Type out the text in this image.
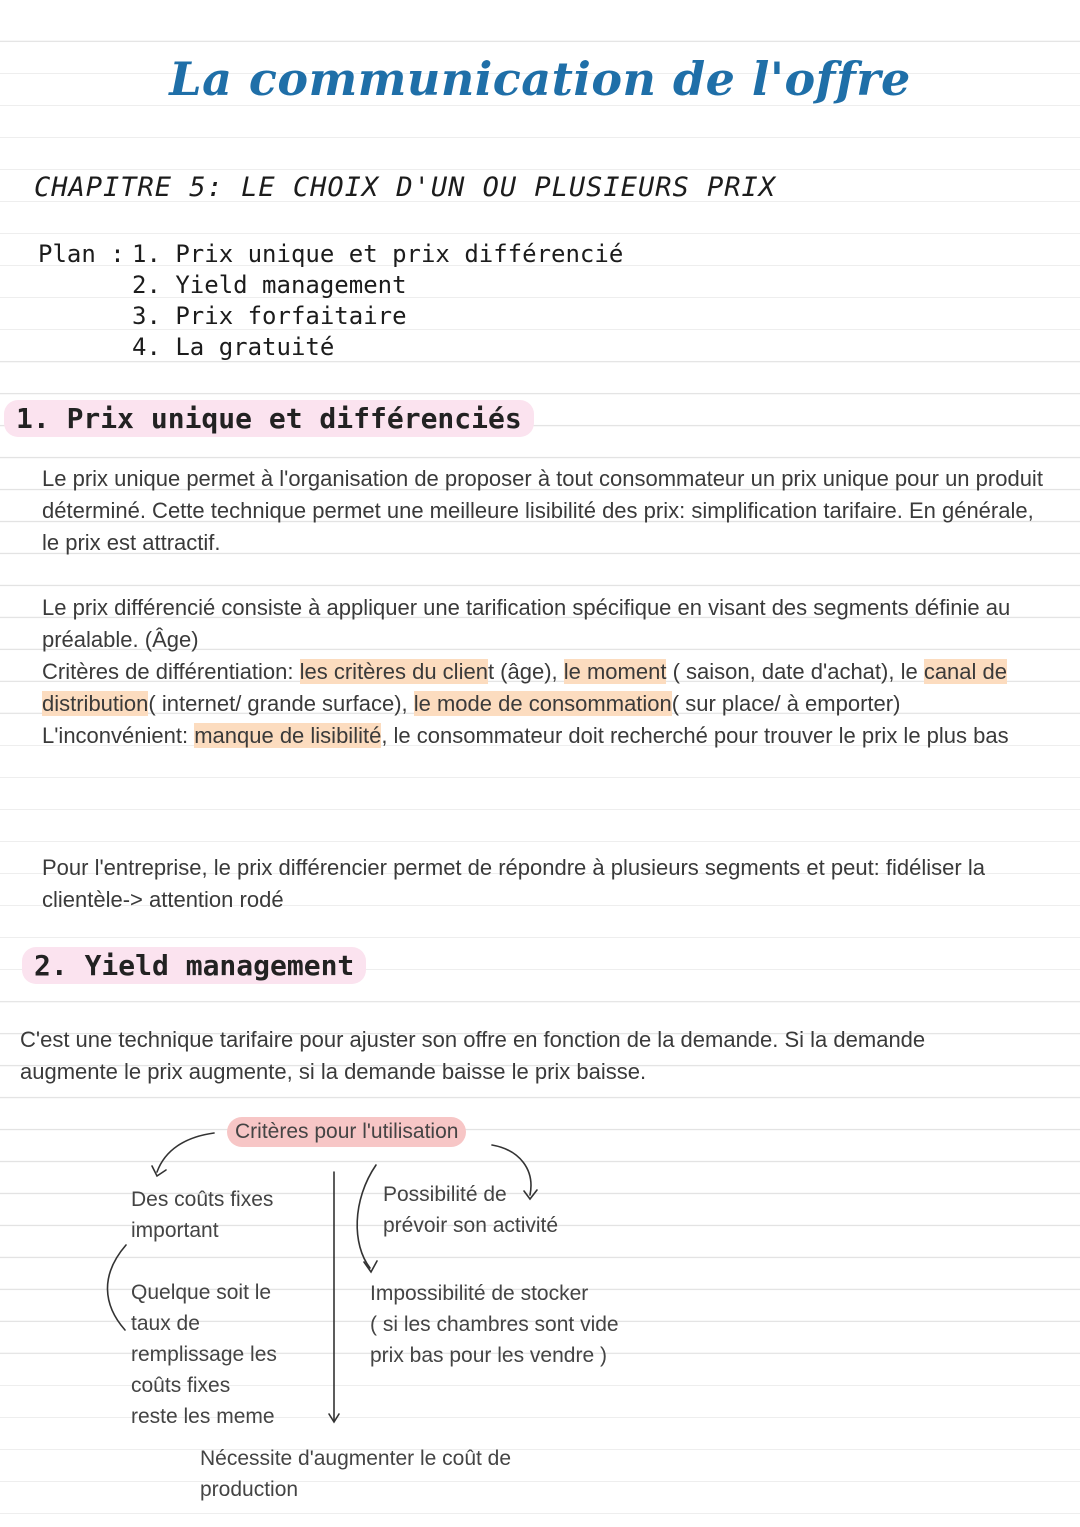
La communication de l'offre
CHAPITRE 5: LE CHOIX D'UN OU PLUSIEURS PRIX
Plan : 1. Prix unique et prix différencié
2. Yield management
3. Prix forfaitaire
4. La gratuité
1. Prix unique et différenciés

Le prix unique permet à l'organisation de proposer à tout consommateur un prix unique pour un produit déterminé. Cette technique permet une meilleure lisibilité des prix: simplification tarifaire. En générale, le prix est attractif.

Le prix différencié consiste à appliquer une tarification spécifique en visant des segments définie au préalable. (Âge)

Critères de différentiation: les critères du client (âge), le moment ( saison, date d'achat), le canal de distribution( internet/ grande surface), le mode de consommation( sur place/ à emporter)

L'inconvénient: manque de lisibilité, le consommateur doit recherché pour trouver le prix le plus bas

Pour l'entreprise, le prix différencier permet de répondre à plusieurs segments et peut: fidéliser la clientèle-> attention rodé

2. Yield management

C'est une technique tarifaire pour ajuster son offre en fonction de la demande. Si la demande augmente le prix augmente, si la demande baisse le prix baisse.

Critères pour l'utilisation
Des coûts fixes
important
Quelque soit le
taux de
remplissage les
coûts fixes
reste les meme
Possibilité de
prévoir son activité
Impossibilité de stocker
( si les chambres sont vide
prix bas pour les vendre )
Nécessite d'augmenter le coût de
production
